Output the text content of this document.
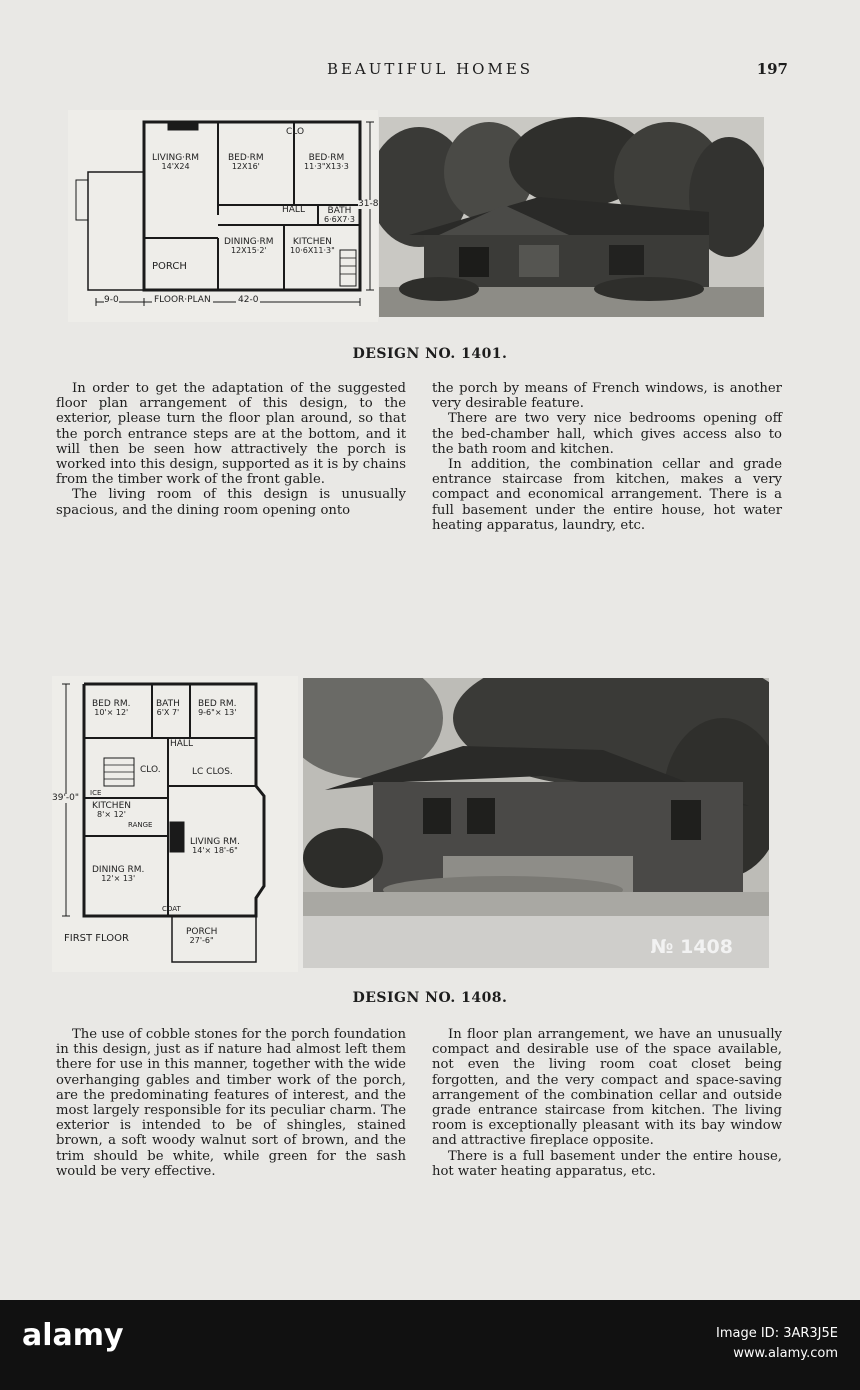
BEAUTIFUL HOMES	197
LIVING·RM
14'X24
BED·RM
12X16'
BED·RM
11·3"X13·3
HALL	BATH
6·6X7·3
DINING·RM
12X15·2'
KITCHEN
10·6X11·3"
PORCH
CLO
FLOOR·PLAN
9-0	42-0
31-8
DESIGN NO. 1401.

In order to get the adaptation of the suggested floor plan arrangement of this design, to the exterior, please turn the floor plan around, so that the porch entrance steps are at the bottom, and it will then be seen how attractively the porch is worked into this design, supported as it is by chains from the timber work of the front gable.

The living room of this design is unusually spacious, and the dining room opening onto

the porch by means of French windows, is another very desirable feature.

There are two very nice bedrooms opening off the bed-chamber hall, which gives access also to the bath room and kitchen.

In addition, the combination cellar and grade entrance staircase from kitchen, makes a very compact and economical arrangement. There is a full basement under the entire house, hot water heating apparatus, laundry, etc.

BED RM.
10'× 12'
BATH
6'X 7'
BED RM.
9-6"× 13'
HALL
CLO.	LC CLOS.
KITCHEN
8'× 12'
RANGE
ICE
LIVING RM.
14'× 18'-6"
DINING RM.
12'× 13'
COAT
PORCH
27'-6"
FIRST FLOOR
39'-0"
№ 1408
DESIGN NO. 1408.

The use of cobble stones for the porch foundation in this design, just as if nature had almost left them there for use in this manner, together with the wide overhanging gables and timber work of the porch, are the predominating features of interest, and the most largely responsible for its peculiar charm. The exterior is intended to be of shingles, stained brown, a soft woody walnut sort of brown, and the trim should be white, while green for the sash would be very effective.

In floor plan arrangement, we have an unusually compact and desirable use of the space available, not even the living room coat closet being forgotten, and the very compact and space-saving arrangement of the combination cellar and outside grade entrance staircase from kitchen. The living room is exceptionally pleasant with its bay window and attractive fireplace opposite.

There is a full basement under the entire house, hot water heating apparatus, etc.

alamy	Image ID: 3AR3J5E
www.alamy.com
